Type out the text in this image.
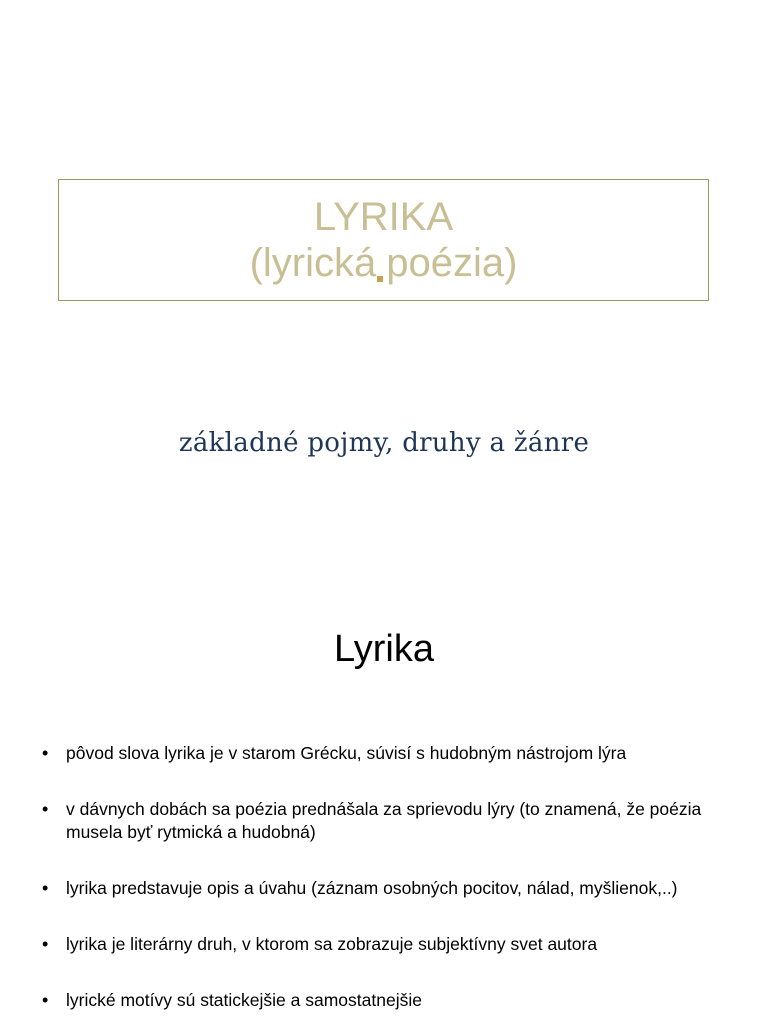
LYRIKA
(lyrická poézia)
základné pojmy, druhy a žánre
Lyrika
• pôvod slova lyrika je v starom Grécku, súvisí s hudobným nástrojom lýra
• v dávnych dobách sa poézia prednášala za sprievodu lýry (to znamená, že poézia musela byť rytmická a hudobná)
• lyrika predstavuje opis a úvahu (záznam osobných pocitov, nálad, myšlienok,..)
• lyrika je literárny druh, v ktorom sa zobrazuje subjektívny svet autora
• lyrické motívy sú statickejšie a samostatnejšie
